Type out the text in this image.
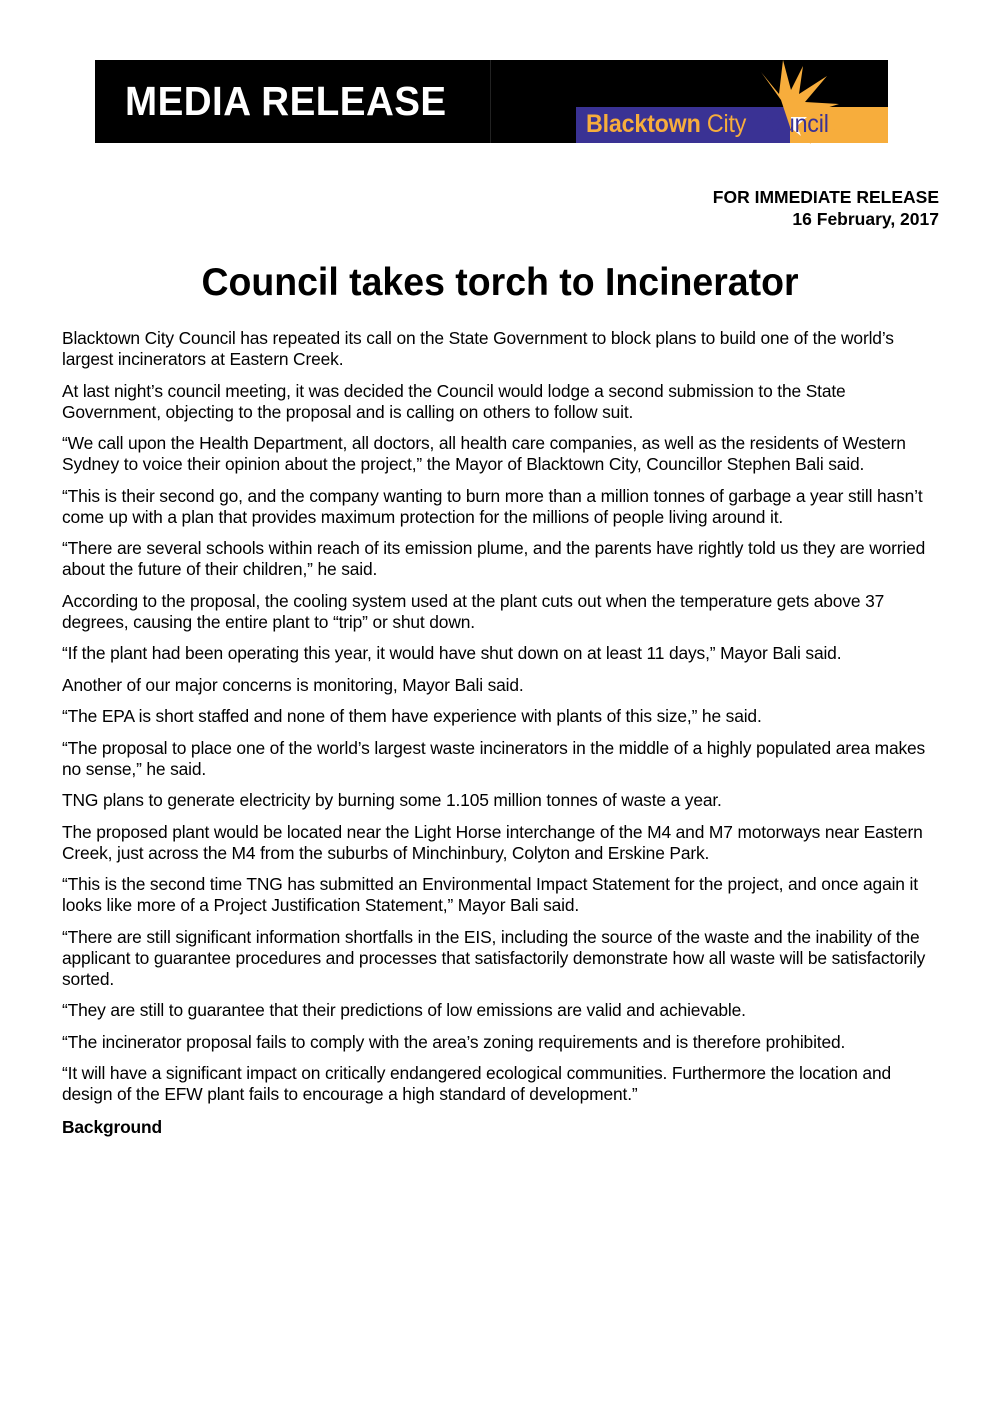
MEDIA RELEASE	Blacktown City Council
FOR IMMEDIATE RELEASE
16 February, 2017
Council takes torch to Incinerator

Blacktown City Council has repeated its call on the State Government to block plans to build one of the world’s largest incinerators at Eastern Creek.

At last night’s council meeting, it was decided the Council would lodge a second submission to the State Government, objecting to the proposal and is calling on others to follow suit.

“We call upon the Health Department, all doctors, all health care companies, as well as the residents of Western Sydney to voice their opinion about the project,” the Mayor of Blacktown City, Councillor Stephen Bali said.

“This is their second go, and the company wanting to burn more than a million tonnes of garbage a year still hasn’t come up with a plan that provides maximum protection for the millions of people living around it.

“There are several schools within reach of its emission plume, and the parents have rightly told us they are worried about the future of their children,” he said.

According to the proposal, the cooling system used at the plant cuts out when the temperature gets above 37 degrees, causing the entire plant to “trip” or shut down.

“If the plant had been operating this year, it would have shut down on at least 11 days,” Mayor Bali said.

Another of our major concerns is monitoring, Mayor Bali said.

“The EPA is short staffed and none of them have experience with plants of this size,” he said.

“The proposal to place one of the world’s largest waste incinerators in the middle of a highly populated area makes no sense,” he said.

TNG plans to generate electricity by burning some 1.105 million tonnes of waste a year.

The proposed plant would be located near the Light Horse interchange of the M4 and M7 motorways near Eastern Creek, just across the M4 from the suburbs of Minchinbury, Colyton and Erskine Park.

“This is the second time TNG has submitted an Environmental Impact Statement for the project, and once again it looks like more of a Project Justification Statement,” Mayor Bali said.

“There are still significant information shortfalls in the EIS, including the source of the waste and the inability of the applicant to guarantee procedures and processes that satisfactorily demonstrate how all waste will be satisfactorily sorted.

“They are still to guarantee that their predictions of low emissions are valid and achievable.

“The incinerator proposal fails to comply with the area’s zoning requirements and is therefore prohibited.

“It will have a significant impact on critically endangered ecological communities. Furthermore the location and design of the EFW plant fails to encourage a high standard of development.”

Background
